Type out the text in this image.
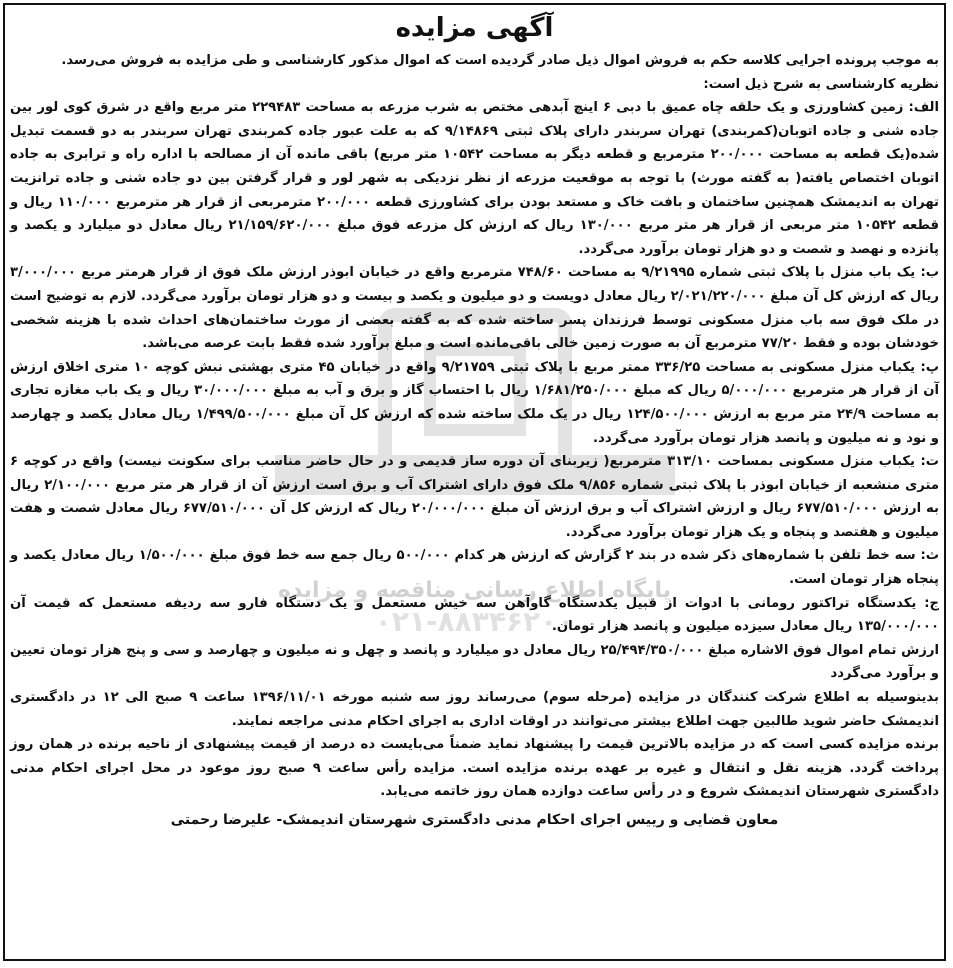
پایگاه اطلاع رسانی مناقصه و مزایده
۰۲۱-۸۸۳۴۶۲۰۰
آگهی مزایده

به موجب پرونده اجرایی کلاسه حکم به فروش اموال ذیل صادر گردیده است که اموال مذکور کارشناسی و طی مزایده به فروش می‌رسد.

نظریه کارشناسی به شرح ذیل است:

الف: زمین کشاورزی و یک حلقه چاه عمیق با دبی ۶ اینچ آبدهی مختص به شرب مزرعه به مساحت ۲۲۹۴۸۳ متر مربع واقع در شرق کوی لور بین جاده شنی و جاده اتوبان(کمربندی) تهران سربندر دارای پلاک ثبتی ۹/۱۴۸۶۹ که به علت عبور جاده کمربندی تهران سربندر به دو قسمت تبدیل شده(یک قطعه به مساحت ۲۰۰/۰۰۰ مترمربع و قطعه دیگر به مساحت ۱۰۵۴۲ متر مربع) باقی مانده آن از مصالحه با اداره راه و ترابری به جاده اتوبان اختصاص یافته( به گفته مورث) با توجه به موقعیت مزرعه از نظر نزدیکی به شهر لور و قرار گرفتن بین دو جاده شنی و جاده ترانزیت تهران به اندیمشک همچنین ساختمان و بافت خاک و مستعد بودن برای کشاورزی قطعه ۲۰۰/۰۰۰ مترمربعی از قرار هر مترمربع ۱۱۰/۰۰۰ ریال و قطعه ۱۰۵۴۲ متر مربعی از قرار هر متر مربع ۱۳۰/۰۰۰ ریال که ارزش کل مزرعه فوق مبلغ ۲۱/۱۵۹/۶۲۰/۰۰۰ ریال معادل دو میلیارد و یکصد و پانزده و نهصد و شصت و دو هزار تومان برآورد می‌گردد.

ب: یک باب منزل با پلاک ثبتی شماره ۹/۲۱۹۹۵ به مساحت ۷۴۸/۶۰ مترمربع واقع در خیابان ابوذر ارزش ملک فوق از قرار هرمتر مربع ۳/۰۰۰/۰۰۰ ریال که ارزش کل آن مبلغ ۲/۰۲۱/۲۲۰/۰۰۰ ریال معادل دویست و دو میلیون و یکصد و بیست و دو هزار تومان برآورد می‌گردد. لازم به توضیح است در ملک فوق سه باب منزل مسکونی توسط فرزندان پسر ساخته شده که به گفته بعضی از مورث ساختمان‌های احداث شده با هزینه شخصی خودشان بوده و فقط ۷۷/۲۰ مترمربع آن به صورت زمین خالی باقی‌مانده است و مبلغ برآورد شده فقط بابت عرصه می‌باشد.

پ: یکباب منزل مسکونی به مساحت ۳۳۶/۲۵ ممتر مربع با پلاک ثبتی ۹/۲۱۷۵۹ واقع در خیابان ۴۵ متری بهشتی نبش کوچه ۱۰ متری اخلاق ارزش آن از قرار هر مترمربع ۵/۰۰۰/۰۰۰ ریال که مبلغ ۱/۶۸۱/۲۵۰/۰۰۰ ریال با احتساب گاز و برق و آب به مبلغ ۳۰/۰۰۰/۰۰۰ ریال و یک باب مغازه تجاری به مساحت ۲۴/۹ متر مربع به ارزش ۱۲۴/۵۰۰/۰۰۰ ریال در یک ملک ساخته شده که ارزش کل آن مبلغ ۱/۴۹۹/۵۰۰/۰۰۰ ریال معادل یکصد و چهارصد و نود و نه میلیون و پانصد هزار تومان برآورد می‌گردد.

ت: یکباب منزل مسکونی بمساحت ۳۱۳/۱۰ مترمربع( زیربنای آن دوره ساز قدیمی و در حال حاضر مناسب برای سکونت نیست) واقع در کوچه ۶ متری منشعبه از خیابان ابوذر با پلاک ثبتی شماره ۹/۸۵۶ ملک فوق دارای اشتراک آب و برق است ارزش آن از قرار هر متر مربع ۲/۱۰۰/۰۰۰ ریال به ارزش ۶۷۷/۵۱۰/۰۰۰ ریال و ارزش اشتراک آب و برق ارزش آن مبلغ ۲۰/۰۰۰/۰۰۰ ریال که ارزش کل آن ۶۷۷/۵۱۰/۰۰۰ ریال معادل شصت و هفت میلیون و هفتصد و پنجاه و یک هزار تومان برآورد می‌گردد.

ث: سه خط تلفن با شماره‌های ذکر شده در بند ۲ گزارش که ارزش هر کدام ۵۰۰/۰۰۰ ریال جمع سه خط فوق مبلغ ۱/۵۰۰/۰۰۰ ریال معادل یکصد و پنجاه هزار تومان است.

ج: یکدستگاه تراکتور رومانی با ادوات از قبیل یکدستگاه گاوآهن سه خیش مستعمل و یک دستگاه فارو سه ردیفه مستعمل که قیمت آن ۱۳۵/۰۰۰/۰۰۰ ریال معادل سیزده میلیون و پانصد هزار تومان.

ارزش تمام اموال فوق الاشاره مبلغ ۲۵/۴۹۴/۳۵۰/۰۰۰ ریال معادل دو میلیارد و پانصد و چهل و نه میلیون و چهارصد و سی و پنج هزار تومان تعیین و برآورد می‌گردد

بدینوسیله به اطلاع شرکت کنندگان در مزایده (مرحله سوم) می‌رساند روز سه شنبه مورخه ۱۳۹۶/۱۱/۰۱ ساعت ۹ صبح الی ۱۲ در دادگستری اندیمشک حاضر شوید طالبین جهت اطلاع بیشتر می‌توانند در اوقات اداری به اجرای احکام مدنی مراجعه نمایند.

برنده مزایده کسی است که در مزایده بالاترین قیمت را پیشنهاد نماید ضمناً می‌بایست ده درصد از قیمت پیشنهادی از ناحیه برنده در همان روز پرداخت گردد. هزینه نقل و انتقال و غیره بر عهده برنده مزایده است. مزایده رأس ساعت ۹ صبح روز موعود در محل اجرای احکام مدنی دادگستری شهرستان اندیمشک شروع و در رأس ساعت دوازده همان روز خاتمه می‌یابد.

معاون قضایی و رییس اجرای احکام مدنی دادگستری شهرستان اندیمشک- علیرضا رحمتی
